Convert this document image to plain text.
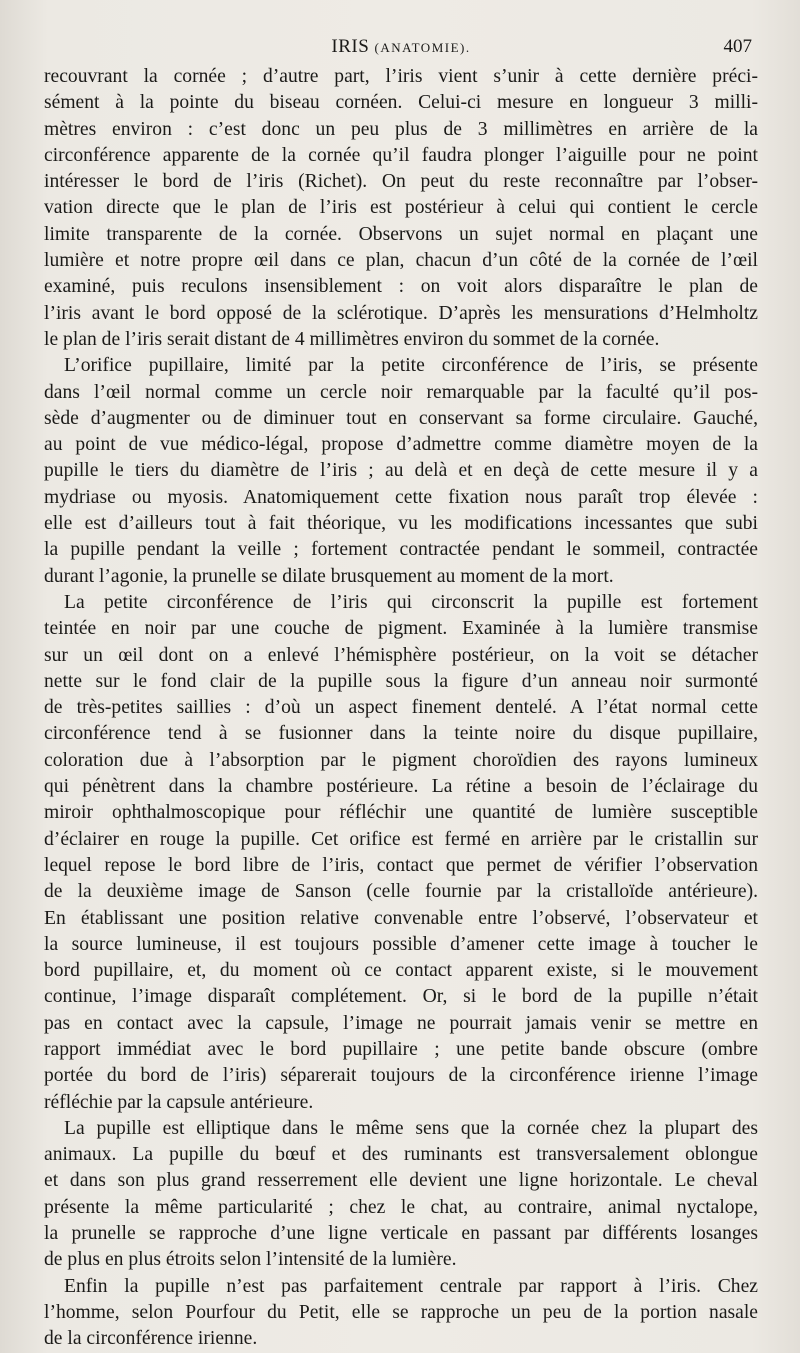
IRIS (ANATOMIE).	407
recouvrant la cornée ; d’autre part, l’iris vient s’unir à cette dernière préci-
sément à la pointe du biseau cornéen. Celui-ci mesure en longueur 3 milli-
mètres environ : c’est donc un peu plus de 3 millimètres en arrière de la
circonférence apparente de la cornée qu’il faudra plonger l’aiguille pour ne point
intéresser le bord de l’iris (Richet). On peut du reste reconnaître par l’obser-
vation directe que le plan de l’iris est postérieur à celui qui contient le cercle
limite transparente de la cornée. Observons un sujet normal en plaçant une
lumière et notre propre œil dans ce plan, chacun d’un côté de la cornée de l’œil
examiné, puis reculons insensiblement : on voit alors disparaître le plan de
l’iris avant le bord opposé de la sclérotique. D’après les mensurations d’Helmholtz
le plan de l’iris serait distant de 4 millimètres environ du sommet de la cornée.
L’orifice pupillaire, limité par la petite circonférence de l’iris, se présente
dans l’œil normal comme un cercle noir remarquable par la faculté qu’il pos-
sède d’augmenter ou de diminuer tout en conservant sa forme circulaire. Gauché,
au point de vue médico-légal, propose d’admettre comme diamètre moyen de la
pupille le tiers du diamètre de l’iris ; au delà et en deçà de cette mesure il y a
mydriase ou myosis. Anatomiquement cette fixation nous paraît trop élevée :
elle est d’ailleurs tout à fait théorique, vu les modifications incessantes que subi
la pupille pendant la veille ; fortement contractée pendant le sommeil, contractée
durant l’agonie, la prunelle se dilate brusquement au moment de la mort.
La petite circonférence de l’iris qui circonscrit la pupille est fortement
teintée en noir par une couche de pigment. Examinée à la lumière transmise
sur un œil dont on a enlevé l’hémisphère postérieur, on la voit se détacher
nette sur le fond clair de la pupille sous la figure d’un anneau noir surmonté
de très-petites saillies : d’où un aspect finement dentelé. A l’état normal cette
circonférence tend à se fusionner dans la teinte noire du disque pupillaire,
coloration due à l’absorption par le pigment choroïdien des rayons lumineux
qui pénètrent dans la chambre postérieure. La rétine a besoin de l’éclairage du
miroir ophthalmoscopique pour réfléchir une quantité de lumière susceptible
d’éclairer en rouge la pupille. Cet orifice est fermé en arrière par le cristallin sur
lequel repose le bord libre de l’iris, contact que permet de vérifier l’observation
de la deuxième image de Sanson (celle fournie par la cristalloïde antérieure).
En établissant une position relative convenable entre l’observé, l’observateur et
la source lumineuse, il est toujours possible d’amener cette image à toucher le
bord pupillaire, et, du moment où ce contact apparent existe, si le mouvement
continue, l’image disparaît complétement. Or, si le bord de la pupille n’était
pas en contact avec la capsule, l’image ne pourrait jamais venir se mettre en
rapport immédiat avec le bord pupillaire ; une petite bande obscure (ombre
portée du bord de l’iris) séparerait toujours de la circonférence irienne l’image
réfléchie par la capsule antérieure.
La pupille est elliptique dans le même sens que la cornée chez la plupart des
animaux. La pupille du bœuf et des ruminants est transversalement oblongue
et dans son plus grand resserrement elle devient une ligne horizontale. Le cheval
présente la même particularité ; chez le chat, au contraire, animal nyctalope,
la prunelle se rapproche d’une ligne verticale en passant par différents losanges
de plus en plus étroits selon l’intensité de la lumière.
Enfin la pupille n’est pas parfaitement centrale par rapport à l’iris. Chez
l’homme, selon Pourfour du Petit, elle se rapproche un peu de la portion nasale
de la circonférence irienne.
